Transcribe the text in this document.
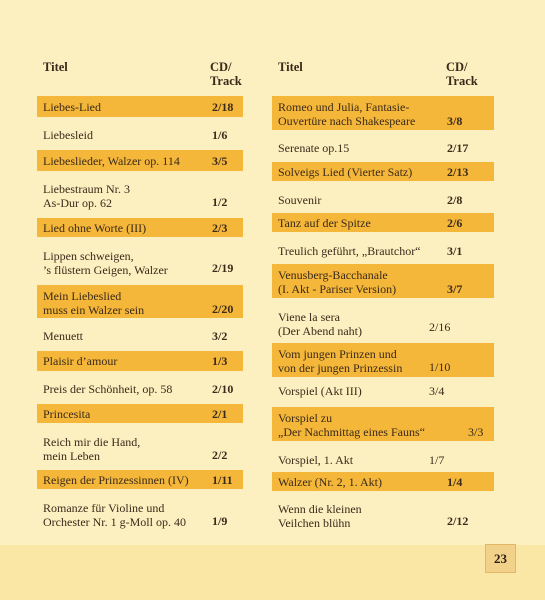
Titel	CD/
Track
Liebes-Lied	2/18
Liebesleid	1/6
Liebeslieder, Walzer op. 114	3/5
Liebestraum Nr. 3
As-Dur op. 62	1/2
Lied ohne Worte (III)	2/3
Lippen schweigen,
’s flüstern Geigen, Walzer	2/19
Mein Liebeslied
muss ein Walzer sein	2/20
Menuett	3/2
Plaisir d’amour	1/3
Preis der Schönheit, op. 58	2/10
Princesita	2/1
Reich mir die Hand,
mein Leben	2/2
Reigen der Prinzessinnen (IV) 1/11
Romanze für Violine und
Orchester Nr. 1 g-Moll op. 40 1/9
Titel	CD/
Track
Romeo und Julia, Fantasie-
Ouvertüre nach Shakespeare	3/8
Serenate op.15	2/17
Solveigs Lied (Vierter Satz)	2/13
Souvenir	2/8
Tanz auf der Spitze	2/6
Treulich geführt, „Brautchor“ 3/1
Venusberg-Bacchanale
(I. Akt - Pariser Version)	3/7
Viene la sera
(Der Abend naht)	2/16
Vom jungen Prinzen und
von der jungen Prinzessin 1/10
Vorspiel (Akt III)	3/4
Vorspiel zu
„Der Nachmittag eines Fauns“	3/3
Vorspiel, 1. Akt	1/7
Walzer (Nr. 2, 1. Akt)	1/4
Wenn die kleinen
Veilchen blühn	2/12
23
